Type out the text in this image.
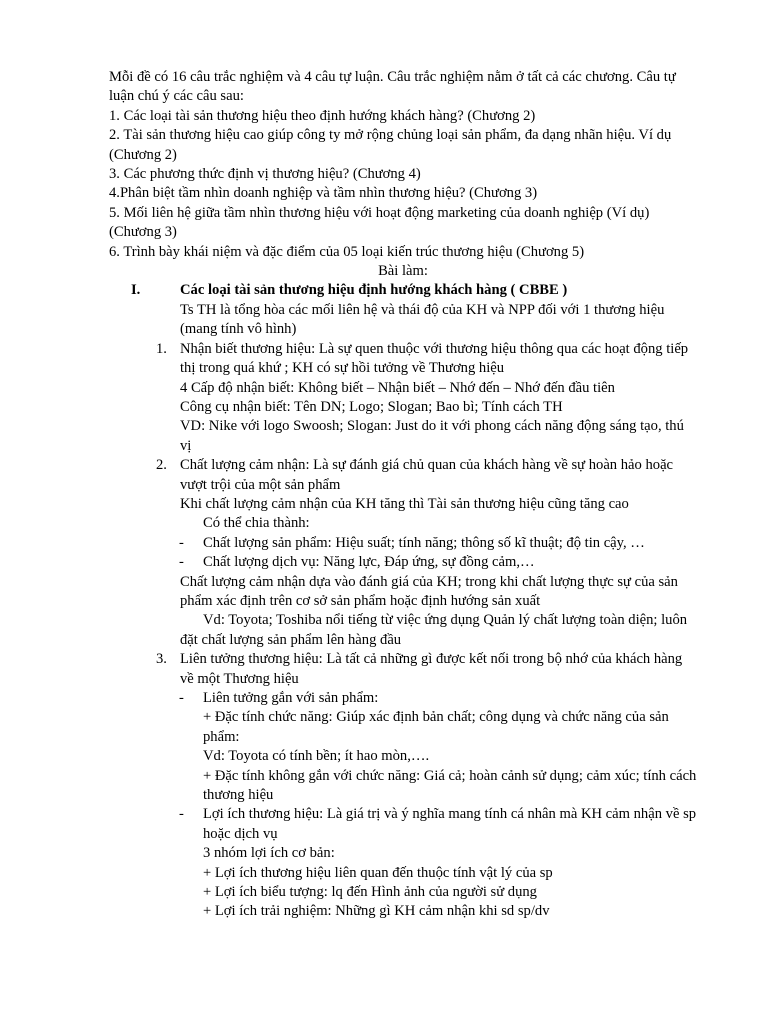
Mỗi đề có 16 câu trắc nghiệm và 4 câu tự luận. Câu trắc nghiệm nằm ở tất cả các chương. Câu tự luận chú ý các câu sau:

1. Các loại tài sản thương hiệu theo định hướng khách hàng? (Chương 2)

2. Tài sản thương hiệu cao giúp công ty mở rộng chủng loại sản phẩm, đa dạng nhãn hiệu. Ví dụ (Chương 2)

3. Các phương thức định vị thương hiệu? (Chương 4)

4.Phân biệt tầm nhìn doanh nghiệp và tầm nhìn thương hiệu? (Chương 3)

5. Mối liên hệ giữa tầm nhìn thương hiệu với hoạt động marketing của doanh nghiệp (Ví dụ) (Chương 3)

6. Trình bày khái niệm và đặc điểm của 05 loại kiến trúc thương hiệu (Chương 5)

Bài làm:

I.	Các loại tài sản thương hiệu định hướng khách hàng ( CBBE )

Ts TH là tổng hòa các mối liên hệ và thái độ của KH và NPP đối với 1 thương hiệu (mang tính vô hình)

1. Nhận biết thương hiệu: Là sự quen thuộc với thương hiệu thông qua các hoạt động tiếp thị trong quá khứ ; KH có sự hồi tưởng về Thương hiệu

4 Cấp độ nhận biết: Không biết – Nhận biết – Nhớ đến – Nhớ đến đầu tiên

Công cụ nhận biết: Tên DN; Logo; Slogan; Bao bì; Tính cách TH

VD: Nike với logo Swoosh; Slogan: Just do it với phong cách năng động sáng tạo, thú vị

2. Chất lượng cảm nhận: Là sự đánh giá chủ quan của khách hàng về sự hoàn hảo hoặc vượt trội của một sản phẩm

Khi chất lượng cảm nhận của KH tăng thì Tài sản thương hiệu cũng tăng cao

Có thể chia thành:

- Chất lượng sản phẩm: Hiệu suất; tính năng; thông số kĩ thuật; độ tin cậy, …
- Chất lượng dịch vụ: Năng lực, Đáp ứng, sự đồng cảm,…

Chất lượng cảm nhận dựa vào đánh giá của KH; trong khi chất lượng thực sự của sản phẩm xác định trên cơ sở sản phẩm hoặc định hướng sản xuất

Vd: Toyota; Toshiba nổi tiếng từ việc ứng dụng Quản lý chất lượng toàn diện; luôn đặt chất lượng sản phẩm lên hàng đầu

3. Liên tưởng thương hiệu: Là tất cả những gì được kết nối trong bộ nhớ của khách hàng về một Thương hiệu
- Liên tưởng gắn với sản phẩm:

+ Đặc tính chức năng: Giúp xác định bản chất; công dụng và chức năng của sản phẩm:

Vd: Toyota có tính bền; ít hao mòn,….

+ Đặc tính không gắn với chức năng: Giá cả; hoàn cảnh sử dụng; cảm xúc; tính cách thương hiệu

- Lợi ích thương hiệu: Là giá trị và ý nghĩa mang tính cá nhân mà KH cảm nhận về sp hoặc dịch vụ

3 nhóm lợi ích cơ bản:

+ Lợi ích thương hiệu liên quan đến thuộc tính vật lý của sp

+ Lợi ích biểu tượng: lq đến Hình ảnh của người sử dụng

+ Lợi ích trải nghiệm: Những gì KH cảm nhận khi sd sp/dv
